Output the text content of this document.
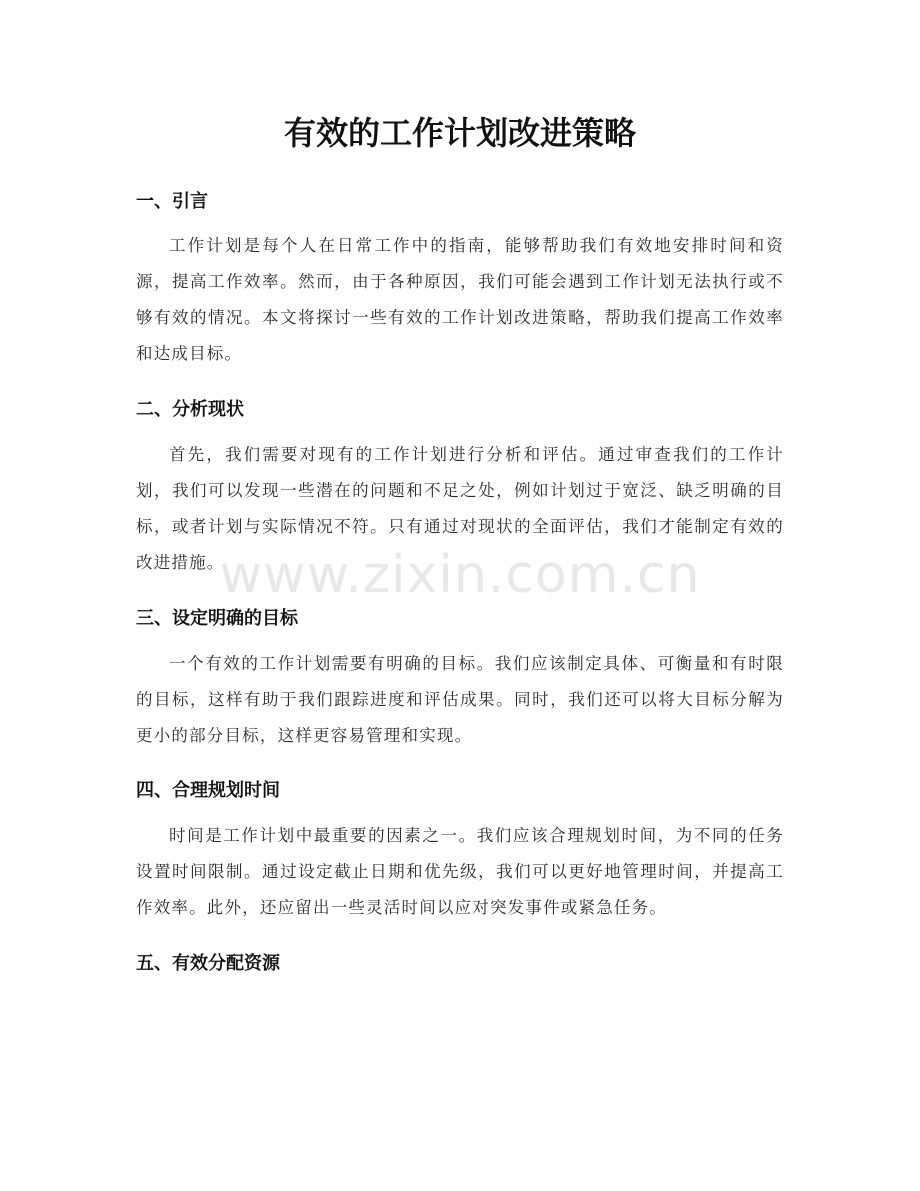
有效的工作计划改进策略
一、引言

工作计划是每个人在日常工作中的指南，能够帮助我们有效地安排时间和资源，提高工作效率。然而，由于各种原因，我们可能会遇到工作计划无法执行或不够有效的情况。本文将探讨一些有效的工作计划改进策略，帮助我们提高工作效率和达成目标。

二、分析现状

首先，我们需要对现有的工作计划进行分析和评估。通过审查我们的工作计划，我们可以发现一些潜在的问题和不足之处，例如计划过于宽泛、缺乏明确的目标，或者计划与实际情况不符。只有通过对现状的全面评估，我们才能制定有效的改进措施。

三、设定明确的目标

一个有效的工作计划需要有明确的目标。我们应该制定具体、可衡量和有时限的目标，这样有助于我们跟踪进度和评估成果。同时，我们还可以将大目标分解为更小的部分目标，这样更容易管理和实现。

四、合理规划时间

时间是工作计划中最重要的因素之一。我们应该合理规划时间，为不同的任务设置时间限制。通过设定截止日期和优先级，我们可以更好地管理时间，并提高工作效率。此外，还应留出一些灵活时间以应对突发事件或紧急任务。

五、有效分配资源
www.zixin.com.cn
